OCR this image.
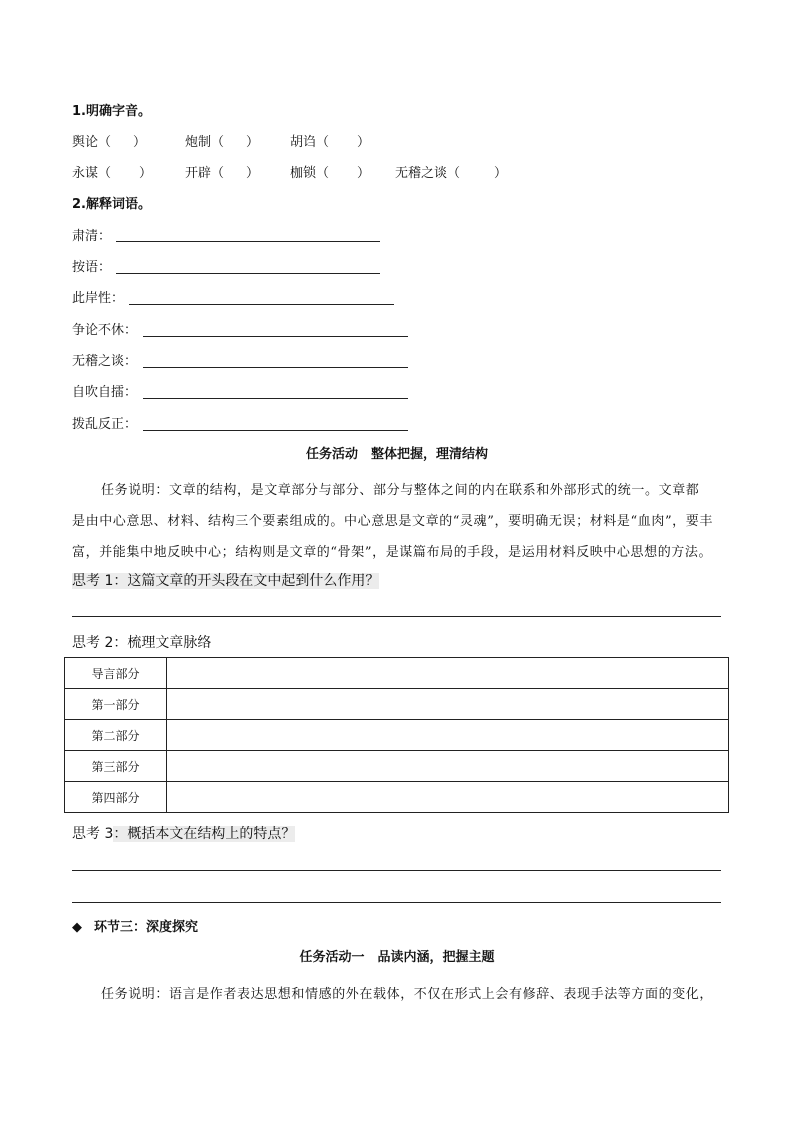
1.明确字音。
舆论（ ）	炮制（ ） 胡诌（ ）
永谋（ ）	开辟（ ） 枷锁（ ） 无稽之谈（	）
2.解释词语。
肃清：
按语：
此岸性：
争论不休：
无稽之谈：
自吹自擂：
拨乱反正：
任务活动　整体把握，理清结构
任务说明：文章的结构，是文章部分与部分、部分与整体之间的内在联系和外部形式的统一。文章都
是由中心意思、材料、结构三个要素组成的。中心意思是文章的“灵魂”，要明确无误；材料是“血肉”，要丰
富，并能集中地反映中心；结构则是文章的“骨架”，是谋篇布局的手段，是运用材料反映中心思想的方法。
思考 1：这篇文章的开头段在文中起到什么作用？
思考 2：梳理文章脉络
导言部分	
第一部分	
第二部分	
第三部分	
第四部分	
思考 3：概括本文在结构上的特点？
◆ 环节三：深度探究
任务活动一　品读内涵，把握主题
任务说明：语言是作者表达思想和情感的外在载体，不仅在形式上会有修辞、表现手法等方面的变化，
